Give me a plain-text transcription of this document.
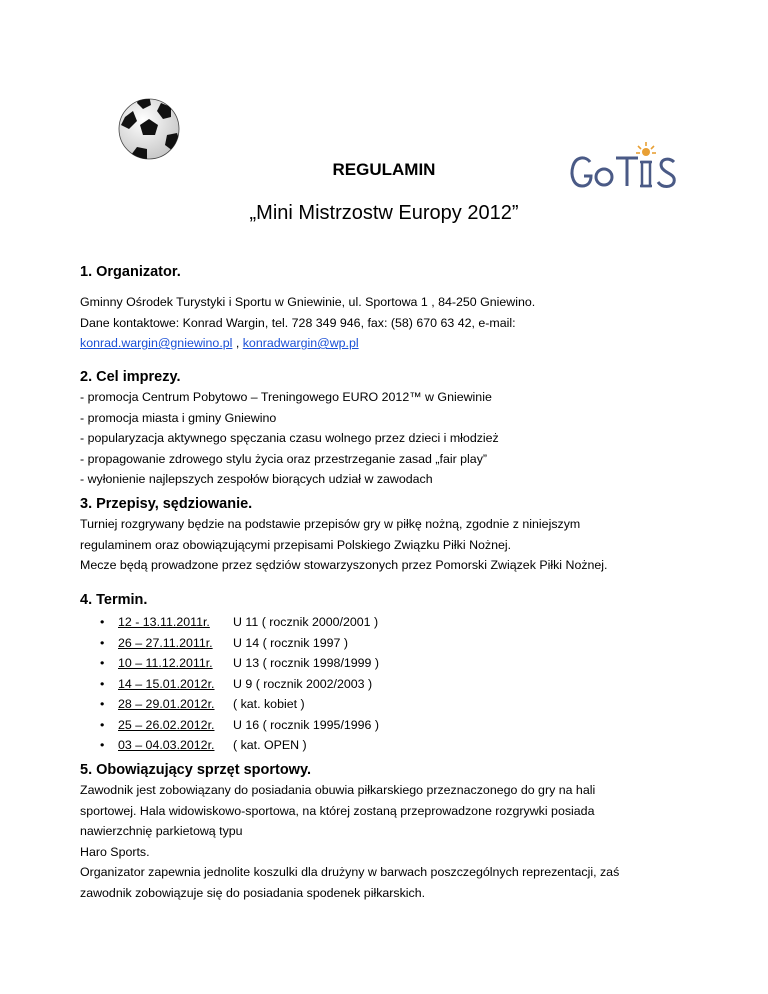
REGULAMIN
„Mini Mistrzostw Europy 2012”
1. Organizator.
Gminny Ośrodek Turystyki i Sportu w Gniewinie, ul. Sportowa 1 , 84-250 Gniewino.
Dane kontaktowe: Konrad Wargin, tel. 728 349 946, fax: (58) 670 63 42, e-mail:
konrad.wargin@gniewino.pl , konradwargin@wp.pl
2. Cel imprezy.
- promocja Centrum Pobytowo – Treningowego EURO 2012™ w Gniewinie
- promocja miasta i gminy Gniewino
- popularyzacja aktywnego spęczania czasu wolnego przez dzieci i młodzież
- propagowanie zdrowego stylu życia oraz przestrzeganie zasad „fair play”
- wyłonienie najlepszych zespołów biorących udział w zawodach
3. Przepisy, sędziowanie.
Turniej rozgrywany będzie na podstawie przepisów gry w piłkę nożną, zgodnie z niniejszym
regulaminem oraz obowiązującymi przepisami Polskiego Związku Piłki Nożnej.
Mecze będą prowadzone przez sędziów stowarzyszonych przez Pomorski Związek Piłki Nożnej.
4. Termin.
• 12 - 13.11.2011r. U 11 ( rocznik 2000/2001 )
• 26 – 27.11.2011r. U 14 ( rocznik 1997 )
• 10 – 11.12.2011r. U 13 ( rocznik 1998/1999 )
• 14 – 15.01.2012r. U 9 ( rocznik 2002/2003 )
• 28 – 29.01.2012r. ( kat. kobiet )
• 25 – 26.02.2012r. U 16 ( rocznik 1995/1996 )
• 03 – 04.03.2012r. ( kat. OPEN )
5. Obowiązujący sprzęt sportowy.
Zawodnik jest zobowiązany do posiadania obuwia piłkarskiego przeznaczonego do gry na hali
sportowej. Hala widowiskowo-sportowa, na której zostaną przeprowadzone rozgrywki posiada
nawierzchnię parkietową typu
Haro Sports.
Organizator zapewnia jednolite koszulki dla drużyny w barwach poszczególnych reprezentacji, zaś
zawodnik zobowiązuje się do posiadania spodenek piłkarskich.
